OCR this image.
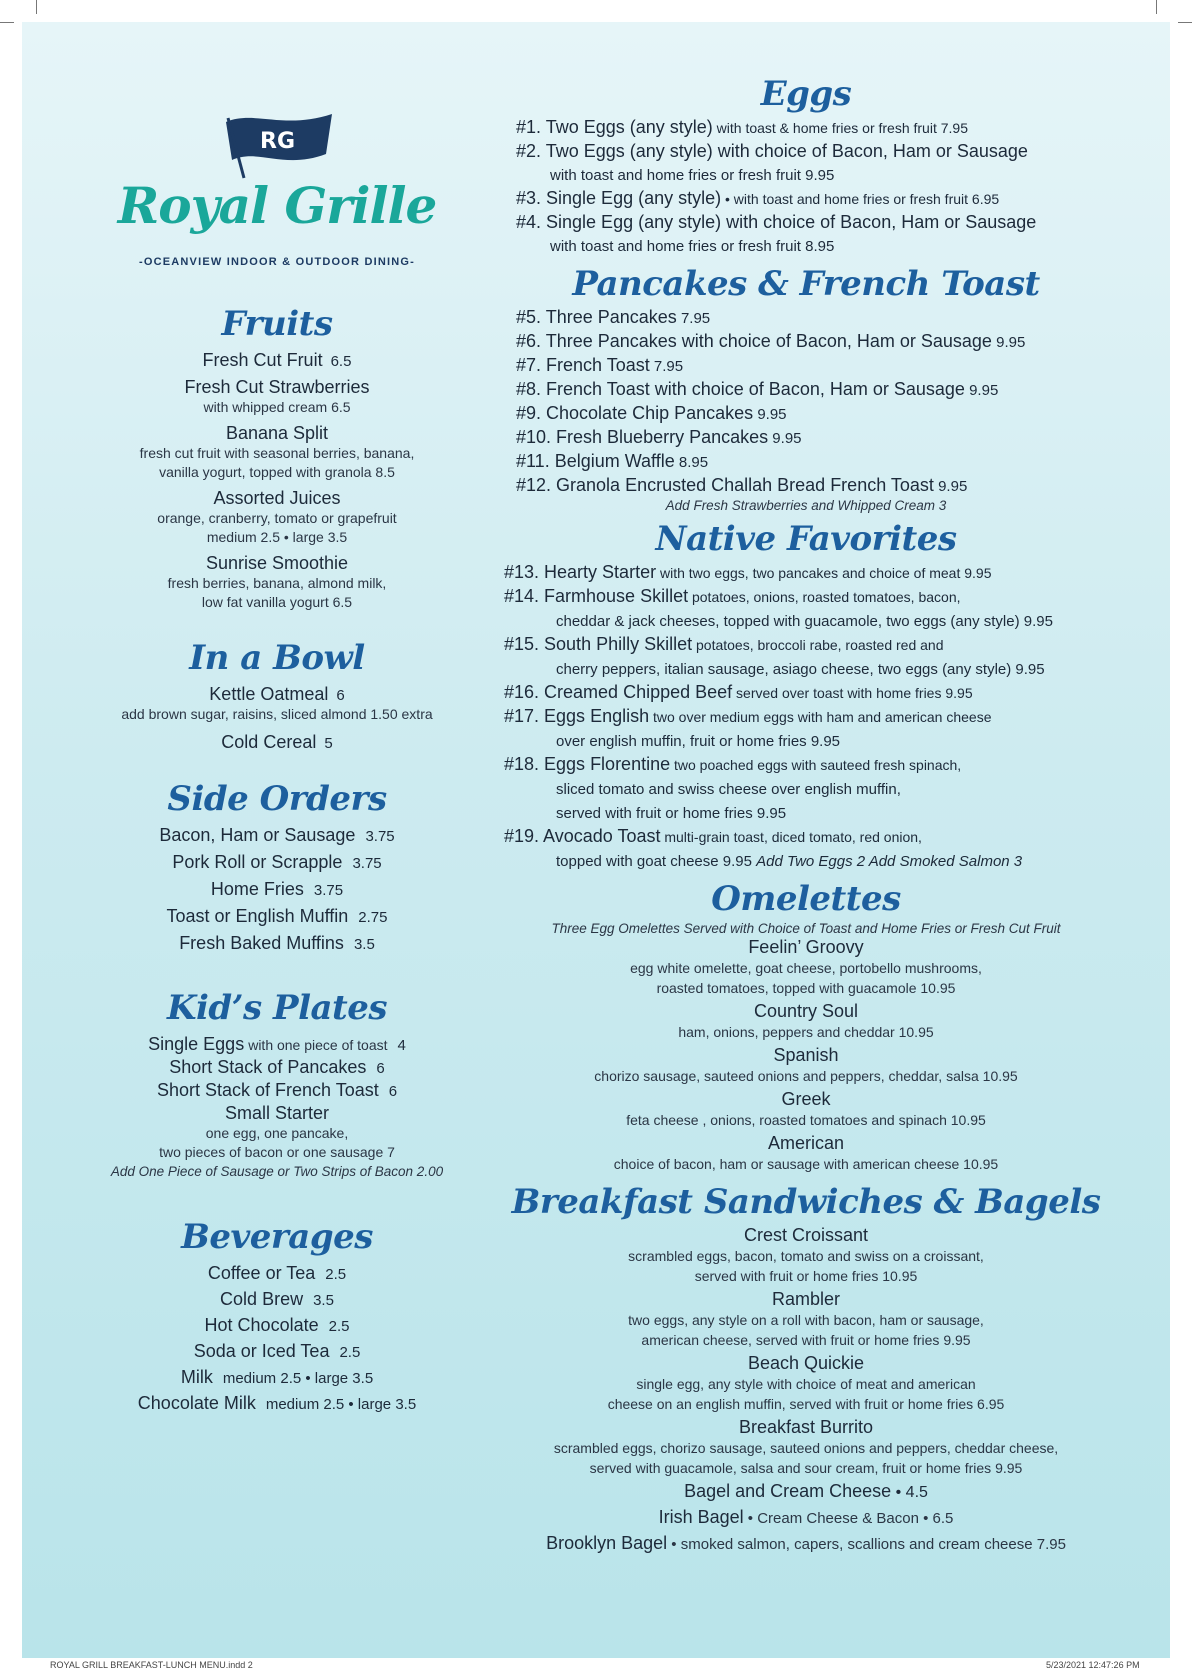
RG
Royal Grille
-OCEANVIEW INDOOR & OUTDOOR DINING-
Fruits
Fresh Cut Fruit 6.5
Fresh Cut Strawberries
with whipped cream 6.5
Banana Split
fresh cut fruit with seasonal berries, banana,
vanilla yogurt, topped with granola 8.5
Assorted Juices
orange, cranberry, tomato or grapefruit
medium 2.5 • large 3.5
Sunrise Smoothie
fresh berries, banana, almond milk,
low fat vanilla yogurt 6.5
In a Bowl
Kettle Oatmeal 6
add brown sugar, raisins, sliced almond 1.50 extra
Cold Cereal 5
Side Orders
Bacon, Ham or Sausage 3.75
Pork Roll or Scrapple 3.75
Home Fries 3.75
Toast or English Muffin 2.75
Fresh Baked Muffins 3.5
Kid’s Plates
Single Eggs with one piece of toast 4
Short Stack of Pancakes 6
Short Stack of French Toast 6
Small Starter
one egg, one pancake,
two pieces of bacon or one sausage 7
Add One Piece of Sausage or Two Strips of Bacon 2.00
Beverages
Coffee or Tea 2.5
Cold Brew 3.5
Hot Chocolate 2.5
Soda or Iced Tea 2.5
Milk medium 2.5 • large 3.5
Chocolate Milk medium 2.5 • large 3.5
Eggs
#1. Two Eggs (any style) with toast & home fries or fresh fruit 7.95
#2. Two Eggs (any style) with choice of Bacon, Ham or Sausage
with toast and home fries or fresh fruit 9.95
#3. Single Egg (any style) • with toast and home fries or fresh fruit 6.95
#4. Single Egg (any style) with choice of Bacon, Ham or Sausage
with toast and home fries or fresh fruit 8.95
Pancakes & French Toast
#5. Three Pancakes 7.95
#6. Three Pancakes with choice of Bacon, Ham or Sausage 9.95
#7. French Toast 7.95
#8. French Toast with choice of Bacon, Ham or Sausage 9.95
#9. Chocolate Chip Pancakes 9.95
#10. Fresh Blueberry Pancakes 9.95
#11. Belgium Waffle 8.95
#12. Granola Encrusted Challah Bread French Toast 9.95
Add Fresh Strawberries and Whipped Cream 3
Native Favorites
#13. Hearty Starter with two eggs, two pancakes and choice of meat 9.95
#14. Farmhouse Skillet potatoes, onions, roasted tomatoes, bacon,
cheddar & jack cheeses, topped with guacamole, two eggs (any style) 9.95
#15. South Philly Skillet potatoes, broccoli rabe, roasted red and
cherry peppers, italian sausage, asiago cheese, two eggs (any style) 9.95
#16. Creamed Chipped Beef served over toast with home fries 9.95
#17. Eggs English two over medium eggs with ham and american cheese
over english muffin, fruit or home fries 9.95
#18. Eggs Florentine two poached eggs with sauteed fresh spinach,
sliced tomato and swiss cheese over english muffin,
served with fruit or home fries 9.95
#19. Avocado Toast multi-grain toast, diced tomato, red onion,
topped with goat cheese 9.95 Add Two Eggs 2 Add Smoked Salmon 3
Omelettes
Three Egg Omelettes Served with Choice of Toast and Home Fries or Fresh Cut Fruit
Feelin’ Groovy
egg white omelette, goat cheese, portobello mushrooms,
roasted tomatoes, topped with guacamole 10.95
Country Soul
ham, onions, peppers and cheddar 10.95
Spanish
chorizo sausage, sauteed onions and peppers, cheddar, salsa 10.95
Greek
feta cheese , onions, roasted tomatoes and spinach 10.95
American
choice of bacon, ham or sausage with american cheese 10.95
Breakfast Sandwiches & Bagels
Crest Croissant
scrambled eggs, bacon, tomato and swiss on a croissant,
served with fruit or home fries 10.95
Rambler
two eggs, any style on a roll with bacon, ham or sausage,
american cheese, served with fruit or home fries 9.95
Beach Quickie
single egg, any style with choice of meat and american
cheese on an english muffin, served with fruit or home fries 6.95
Breakfast Burrito
scrambled eggs, chorizo sausage, sauteed onions and peppers, cheddar cheese,
served with guacamole, salsa and sour cream, fruit or home fries 9.95
Bagel and Cream Cheese • 4.5
Irish Bagel • Cream Cheese & Bacon • 6.5
Brooklyn Bagel • smoked salmon, capers, scallions and cream cheese 7.95
ROYAL GRILL BREAKFAST-LUNCH MENU.indd 2	5/23/2021 12:47:26 PM
